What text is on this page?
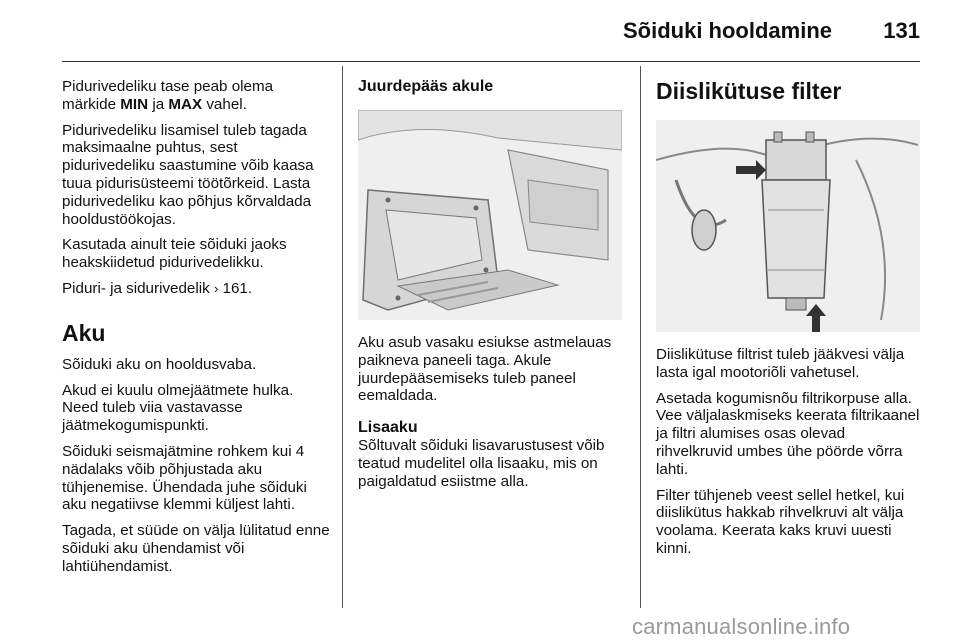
Sõiduki hooldamine 131

Pidurivedeliku tase peab olema märkide MIN ja MAX vahel.

Pidurivedeliku lisamisel tuleb tagada maksimaalne puhtus, sest pidurivedeliku saastumine võib kaasa tuua pidurisüsteemi töötõrkeid. Lasta pidurivedeliku kao põhjus kõrvaldada hooldustöökojas.

Kasutada ainult teie sõiduki jaoks heakskiidetud pidurivedelikku.

Piduri- ja sidurivedelik › 161.

Aku

Sõiduki aku on hooldusvaba.

Akud ei kuulu olmejäätmete hulka. Need tuleb viia vastavasse jäätmekogumispunkti.

Sõiduki seismajätmine rohkem kui 4 nädalaks võib põhjustada aku tühjenemise. Ühendada juhe sõiduki aku negatiivse klemmi küljest lahti.

Tagada, et süüde on välja lülitatud enne sõiduki aku ühendamist või lahtiühendamist.

Juurdepääs akule

Aku asub vasaku esiukse astmelauas paikneva paneeli taga. Akule juurdepääsemiseks tuleb paneel eemaldada.

Lisaaku

Sõltuvalt sõiduki lisavarustusest võib teatud mudelitel olla lisaaku, mis on paigaldatud esiistme alla.

Diislikütuse filter

Diislikütuse filtrist tuleb jääkvesi välja lasta igal mootoriõli vahetusel.

Asetada kogumisnõu filtrikorpuse alla. Vee väljalaskmiseks keerata filtrikaanel ja filtri alumises osas olevad rihvelkruvid umbes ühe pöörde võrra lahti.

Filter tühjeneb veest sellel hetkel, kui diislikütus hakkab rihvelkruvi alt välja voolama. Keerata kaks kruvi uuesti kinni.

carmanualsonline.info
